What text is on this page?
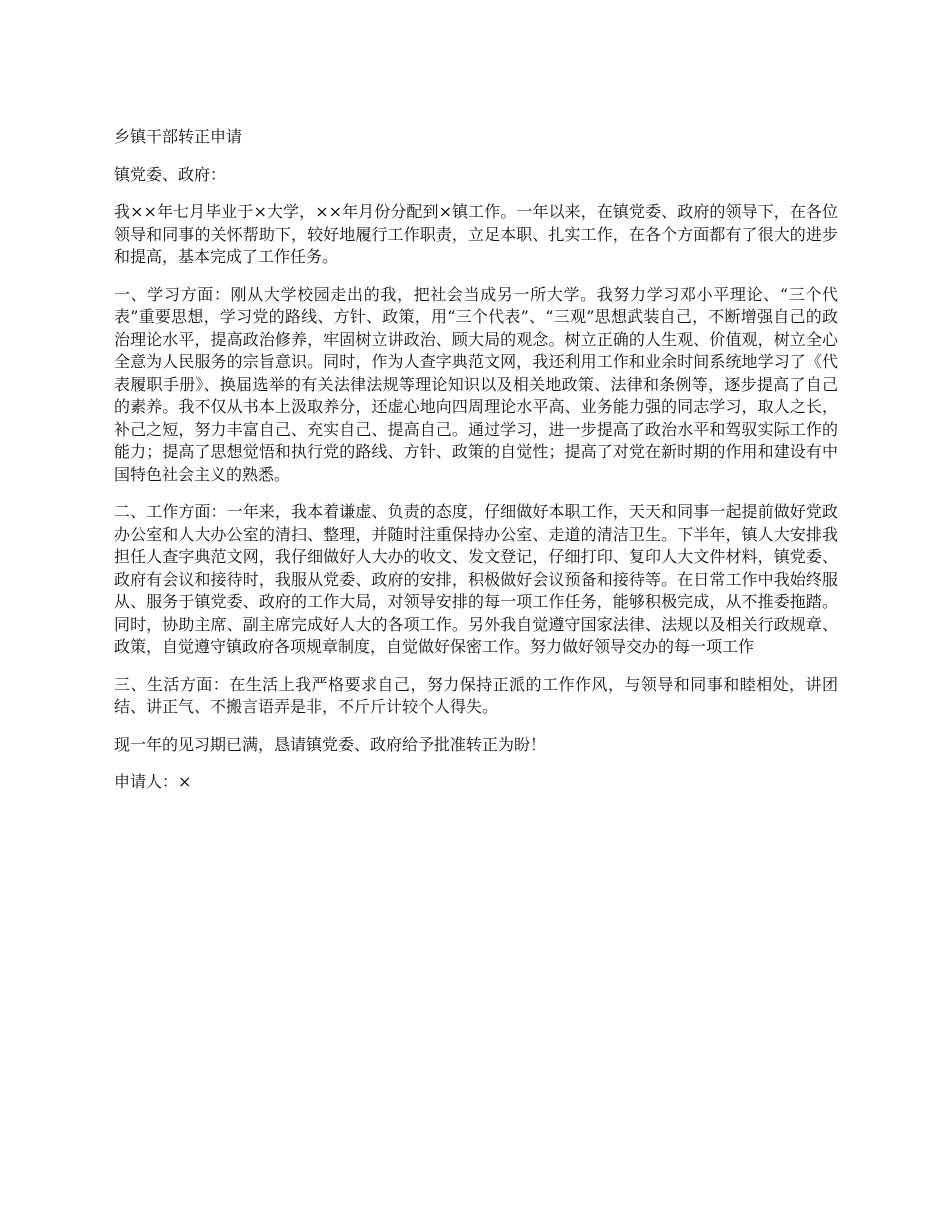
乡镇干部转正申请

镇党委、政府：

我××年七月毕业于×大学，××年月份分配到×镇工作。一年以来，在镇党委、政府的领导下，在各位领导和同事的关怀帮助下，较好地履行工作职责，立足本职、扎实工作，在各个方面都有了很大的进步和提高，基本完成了工作任务。

一、学习方面：刚从大学校园走出的我，把社会当成另一所大学。我努力学习邓小平理论、“三个代表”重要思想，学习党的路线、方针、政策，用“三个代表”、“三观”思想武装自己，不断增强自己的政治理论水平，提高政治修养，牢固树立讲政治、顾大局的观念。树立正确的人生观、价值观，树立全心全意为人民服务的宗旨意识。同时，作为人查字典范文网，我还利用工作和业余时间系统地学习了《代表履职手册》、换届选举的有关法律法规等理论知识以及相关地政策、法律和条例等，逐步提高了自己的素养。我不仅从书本上汲取养分，还虚心地向四周理论水平高、业务能力强的同志学习，取人之长，补己之短，努力丰富自己、充实自己、提高自己。通过学习，进一步提高了政治水平和驾驭实际工作的能力；提高了思想觉悟和执行党的路线、方针、政策的自觉性；提高了对党在新时期的作用和建设有中国特色社会主义的熟悉。

二、工作方面：一年来，我本着谦虚、负责的态度，仔细做好本职工作，天天和同事一起提前做好党政办公室和人大办公室的清扫、整理，并随时注重保持办公室、走道的清洁卫生。下半年，镇人大安排我担任人查字典范文网，我仔细做好人大办的收文、发文登记，仔细打印、复印人大文件材料，镇党委、政府有会议和接待时，我服从党委、政府的安排，积极做好会议预备和接待等。在日常工作中我始终服从、服务于镇党委、政府的工作大局，对领导安排的每一项工作任务，能够积极完成，从不推委拖踏。同时，协助主席、副主席完成好人大的各项工作。另外我自觉遵守国家法律、法规以及相关行政规章、政策，自觉遵守镇政府各项规章制度，自觉做好保密工作。努力做好领导交办的每一项工作

三、生活方面：在生活上我严格要求自己，努力保持正派的工作作风，与领导和同事和睦相处，讲团结、讲正气、不搬言语弄是非，不斤斤计较个人得失。

现一年的见习期已满，恳请镇党委、政府给予批准转正为盼！

申请人：×
